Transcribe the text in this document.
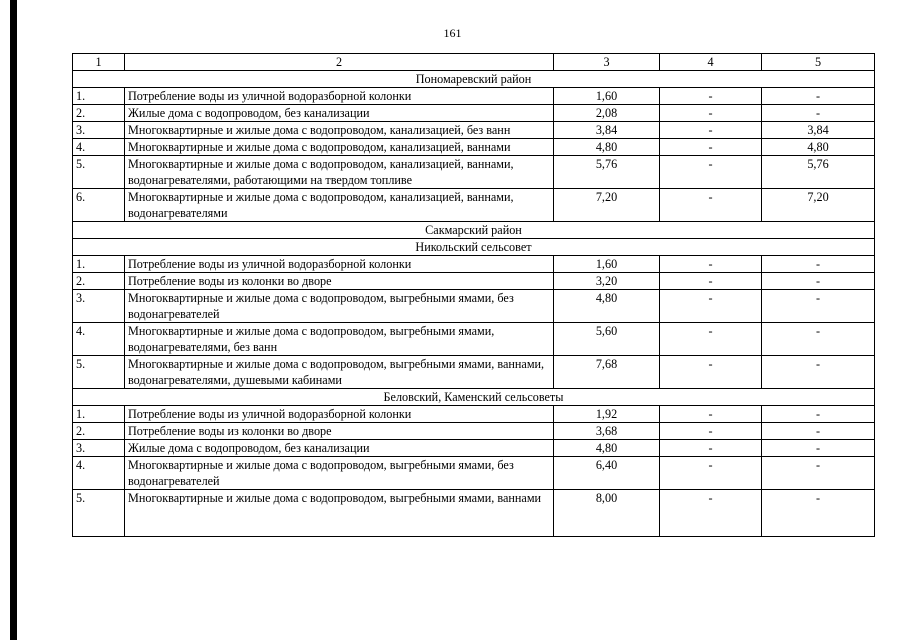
161
1	2	3	4	5
Пономаревский район				
1.	Потребление воды из уличной водоразборной колонки	1,60	-	-
2.	Жилые дома с водопроводом, без канализации	2,08	-	-
3.	Многоквартирные и жилые дома с водопроводом, канализацией, без ванн	3,84	-	3,84
4.	Многоквартирные и жилые дома с водопроводом, канализацией, ваннами	4,80	-	4,80
5.	Многоквартирные и жилые дома с водопроводом, канализацией, ваннами, водонагревателями, работающими на твердом топливе	5,76	-	5,76
6.	Многоквартирные и жилые дома с водопроводом, канализацией, ваннами, водонагревателями	7,20	-	7,20
Сакмарский район				
Никольский сельсовет				
1.	Потребление воды из уличной водоразборной колонки	1,60	-	-
2.	Потребление воды из колонки во дворе	3,20	-	-
3.	Многоквартирные и жилые дома с водопроводом, выгребными ямами, без водонагревателей	4,80	-	-
4.	Многоквартирные и жилые дома с водопроводом, выгребными ямами, водонагревателями, без ванн	5,60	-	-
5.	Многоквартирные и жилые дома с водопроводом, выгребными ямами, ваннами, водонагревателями, душевыми кабинами	7,68	-	-
Беловский, Каменский сельсоветы				
1.	Потребление воды из уличной водоразборной колонки	1,92	-	-
2.	Потребление воды из колонки во дворе	3,68	-	-
3.	Жилые дома с водопроводом, без канализации	4,80	-	-
4.	Многоквартирные и жилые дома с водопроводом, выгребными ямами, без водонагревателей	6,40	-	-
5.	Многоквартирные и жилые дома с водопроводом, выгребными ямами, ваннами	8,00	-	-
